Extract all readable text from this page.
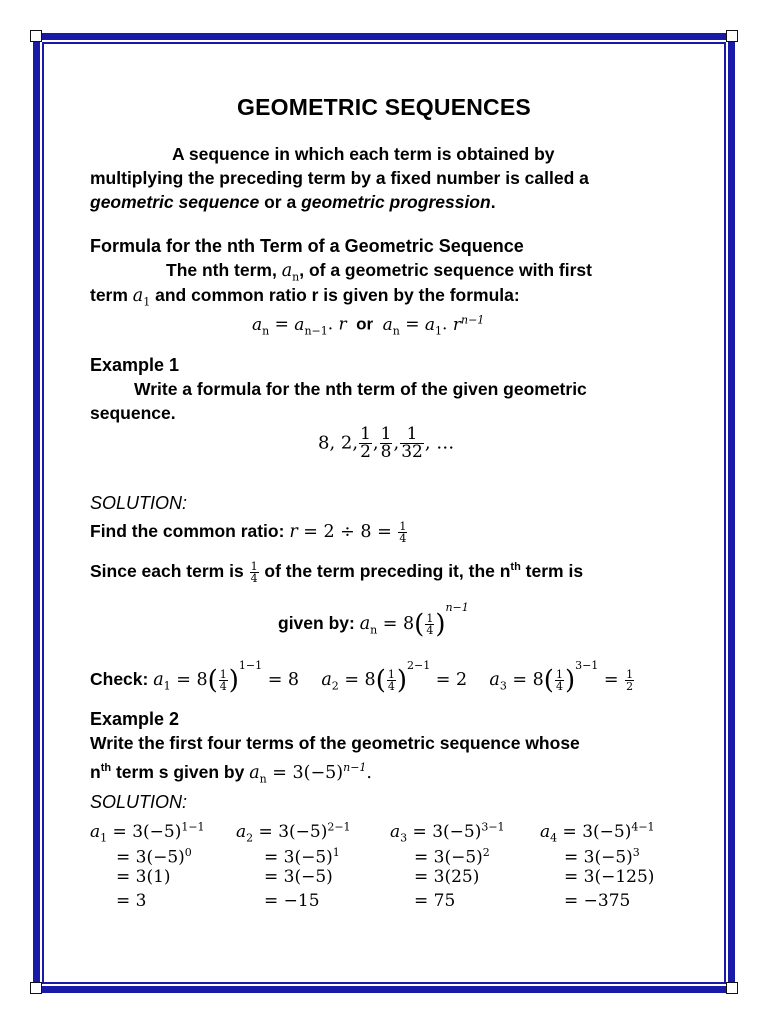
GEOMETRIC SEQUENCES
A sequence in which each term is obtained by
multiplying the preceding term by a fixed number is called a
geometric sequence or a geometric progression.
Formula for the nth Term of a Geometric Sequence
The nth term, $a_n$, of a geometric sequence with first
term $a_1$ and common ratio r is given by the formula:
$a_n = a_{n-1}$. r or $a_n = a_1$. $r^{n-1}$
Example 1
Write a formula for the nth term of the given geometric
sequence.
8, 2, $\frac{1}{2}$ , $\frac{1}{8}$ , $\frac{1}{32}$ , …
SOLUTION:
Find the common ratio: $r = 2 \div 8 = \frac{1}{4}$
Since each term is $\frac{1}{4}$ of the term preceding it, the $n^{th}$ term is
given by: $a_n = 8( \frac{1}{4} )^{n-1}$
Check: $a_1 = 8( \frac{1}{4} )^{1-1} = 8$    $a_2 = 8( \frac{1}{4} )^{2-1} = 2$    $a_3 = 8( \frac{1}{4} )^{3-1} = \frac{1}{2}$
Example 2
Write the first four terms of the geometric sequence whose
$n^{th}$ term s given by $a_n = 3(-5)^{n-1}$.
SOLUTION:
$a_1 = 3(-5)^{1-1}$ $a_2 = 3(-5)^{2-1}$ $a_3 = 3(-5)^{3-1}$ $a_4 = 3(-5)^{4-1}$
= $3(-5)^0$	= $3(-5)^1$	= $3(-5)^2$	= $3(-5)^3$
= 3(1)	= 3(−5)	= 3(25)	= 3(−125)
= 3	= −15	= 75	= −375
